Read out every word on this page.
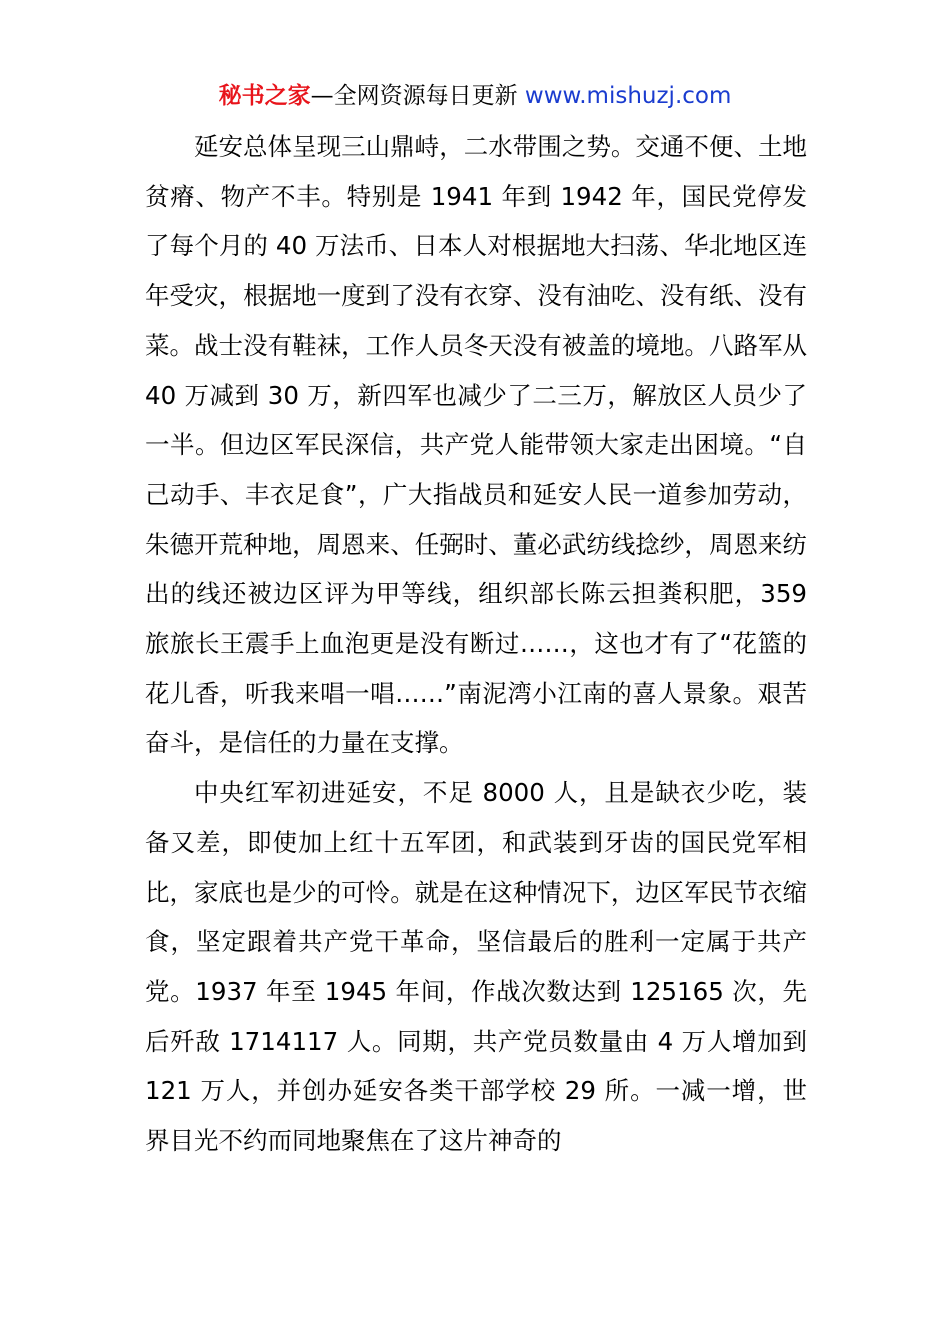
秘书之家—全网资源每日更新 www.mishuzj.com

延安总体呈现三山鼎峙，二水带围之势。交通不便、土地贫瘠、物产不丰。特别是 1941 年到 1942 年，国民党停发了每个月的 40 万法币、日本人对根据地大扫荡、华北地区连年受灾，根据地一度到了没有衣穿、没有油吃、没有纸、没有菜。战士没有鞋袜，工作人员冬天没有被盖的境地。八路军从 40 万减到 30 万，新四军也减少了二三万，解放区人员少了一半。但边区军民深信，共产党人能带领大家走出困境。“自己动手、丰衣足食”，广大指战员和延安人民一道参加劳动，朱德开荒种地，周恩来、任弼时、董必武纺线捻纱，周恩来纺出的线还被边区评为甲等线，组织部长陈云担粪积肥，359 旅旅长王震手上血泡更是没有断过……，这也才有了“花篮的花儿香，听我来唱一唱……”南泥湾小江南的喜人景象。艰苦奋斗，是信任的力量在支撑。

中央红军初进延安，不足 8000 人，且是缺衣少吃，装备又差，即使加上红十五军团，和武装到牙齿的国民党军相比，家底也是少的可怜。就是在这种情况下，边区军民节衣缩食，坚定跟着共产党干革命，坚信最后的胜利一定属于共产党。1937 年至 1945 年间，作战次数达到 125165 次，先后歼敌 1714117 人。同期，共产党员数量由 4 万人增加到 121 万人，并创办延安各类干部学校 29 所。一减一增，世界目光不约而同地聚焦在了这片神奇的
